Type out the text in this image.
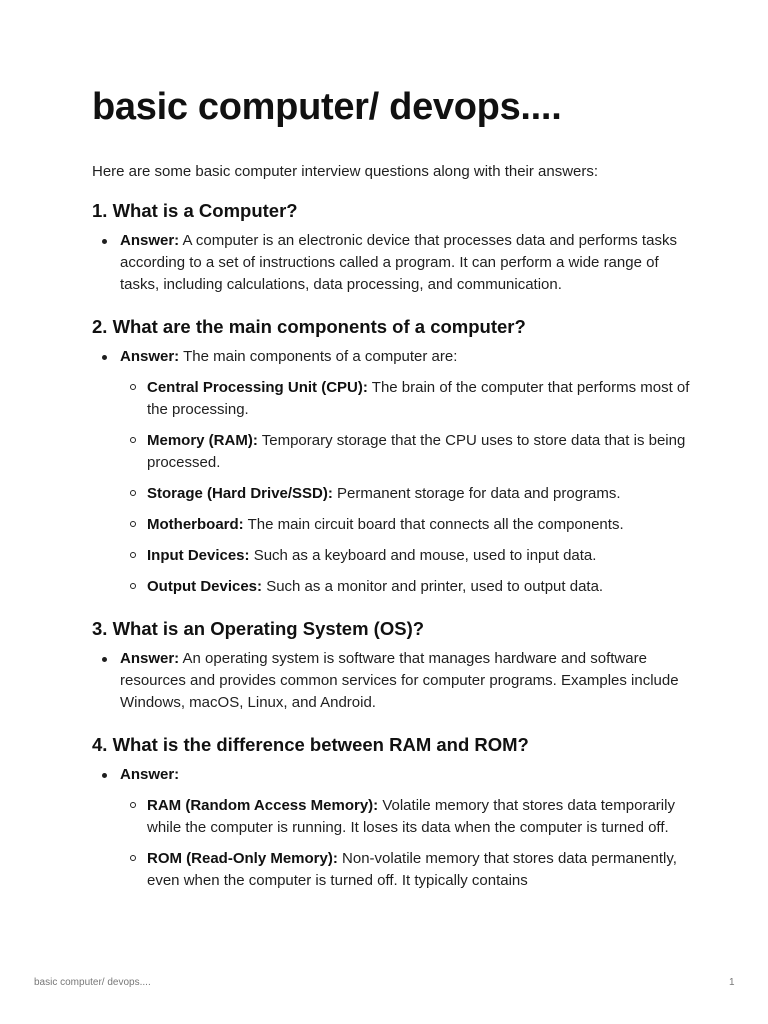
basic computer/ devops....

Here are some basic computer interview questions along with their answers:

1. What is a Computer?
Answer: A computer is an electronic device that processes data and performs tasks according to a set of instructions called a program. It can perform a wide range of tasks, including calculations, data processing, and communication.
2. What are the main components of a computer?
Answer: The main components of a computer are:
Central Processing Unit (CPU): The brain of the computer that performs most of the processing.
Memory (RAM): Temporary storage that the CPU uses to store data that is being processed.
Storage (Hard Drive/SSD): Permanent storage for data and programs.
Motherboard: The main circuit board that connects all the components.
Input Devices: Such as a keyboard and mouse, used to input data.
Output Devices: Such as a monitor and printer, used to output data.
3. What is an Operating System (OS)?
Answer: An operating system is software that manages hardware and software resources and provides common services for computer programs. Examples include Windows, macOS, Linux, and Android.
4. What is the difference between RAM and ROM?
Answer:
RAM (Random Access Memory): Volatile memory that stores data temporarily while the computer is running. It loses its data when the computer is turned off.
ROM (Read-Only Memory): Non-volatile memory that stores data permanently, even when the computer is turned off. It typically contains
basic computer/ devops....	1
